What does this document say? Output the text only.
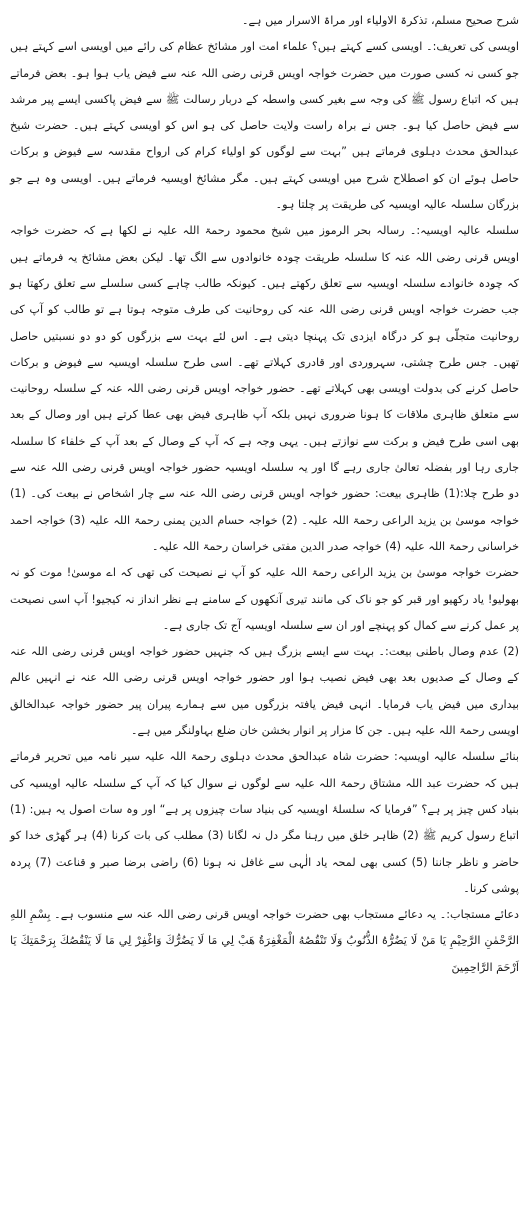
شرح صحیح مسلم، تذکرۃ الاولیاء اور مراۃ الاسرار میں ہے۔

اویسی کی تعریف:۔ اویسی کسے کہتے ہیں؟ علماء امت اور مشائخ عظام کی رائے میں اویسی اسے کہتے ہیں جو کسی نہ کسی صورت میں حضرت خواجہ اویس قرنی رضی اللہ عنہ سے فیض یاب ہوا ہو۔ بعض فرماتے ہیں کہ اتباع رسول ﷺ کی وجہ سے بغیر کسی واسطہ کے دربار رسالت ﷺ سے فیض پاکسی ایسے پیر مرشد سے فیض حاصل کیا ہو۔ جس نے براہ راست ولایت حاصل کی ہو اس کو اویسی کہتے ہیں۔ حضرت شیخ عبدالحق محدث دہلوی فرماتے ہیں ”بہت سے لوگوں کو اولیاء کرام کی ارواح مقدسہ سے فیوض و برکات حاصل ہوئے ان کو اصطلاح شرح میں اویسی کہتے ہیں۔ مگر مشائخ اویسیہ فرماتے ہیں۔ اویسی وہ ہے جو بزرگان سلسلہ عالیہ اویسیہ کی طریقت پر چلتا ہو۔

سلسلہ عالیہ اویسیہ:۔ رسالہ بحر الرموز میں شیخ محمود رحمۃ اللہ علیہ نے لکھا ہے کہ حضرت خواجہ اویس قرنی رضی اللہ عنہ کا سلسلہ طریقت چودہ خانوادوں سے الگ تھا۔ لیکن بعض مشائخ یہ فرماتے ہیں کہ چودہ خانوادے سلسلہ اویسیہ سے تعلق رکھتے ہیں۔ کیونکہ طالب چاہے کسی سلسلے سے تعلق رکھتا ہو جب حضرت خواجہ اویس قرنی رضی اللہ عنہ کی روحانیت کی طرف متوجہ ہوتا ہے تو طالب کو آپ کی روحانیت متجلّی ہو کر درگاہ ایزدی تک پہنچا دیتی ہے۔ اس لئے بہت سے بزرگوں کو دو دو نسبتیں حاصل تھیں۔ جس طرح چشتی، سہروردی اور قادری کہلاتے تھے۔ اسی طرح سلسلہ اویسیہ سے فیوض و برکات حاصل کرنے کی بدولت اویسی بھی کہلاتے تھے۔ حضور خواجہ اویس قرنی رضی اللہ عنہ کے سلسلہ روحانیت سے متعلق ظاہری ملاقات کا ہونا ضروری نہیں بلکہ آپ ظاہری فیض بھی عطا کرتے ہیں اور وصال کے بعد بھی اسی طرح فیض و برکت سے نوازتے ہیں۔ یہی وجہ ہے کہ آپ کے وصال کے بعد آپ کے خلفاء کا سلسلہ جاری رہا اور بفضلہ تعالیٰ جاری رہے گا اور یہ سلسلہ اویسیہ حضور خواجہ اویس قرنی رضی اللہ عنہ سے دو طرح چلا:(1) ظاہری بیعت: حضور خواجہ اویس قرنی رضی اللہ عنہ سے چار اشخاص نے بیعت کی۔ (1) خواجہ موسیٰ بن یزید الراعی رحمۃ اللہ علیہ۔ (2) خواجہ حسام الدین یمنی رحمۃ اللہ علیہ (3) خواجہ احمد خراسانی رحمۃ اللہ علیہ (4) خواجہ صدر الدین مفتی خراسان رحمۃ اللہ علیہ۔

حضرت خواجہ موسیٰ بن یزید الراعی رحمۃ اللہ علیہ کو آپ نے نصیحت کی تھی کہ اے موسیٰ! موت کو نہ بھولیو! یاد رکھیو اور قبر کو جو ناک کی مانند تیری آنکھوں کے سامنے ہے نظر انداز نہ کیجیو! آپ اسی نصیحت پر عمل کرنے سے کمال کو پہنچے اور ان سے سلسلہ اویسیہ آج تک جاری ہے۔

(2) عدم وصال باطنی بیعت:۔ بہت سے ایسے بزرگ ہیں کہ جنہیں حضور خواجہ اویس قرنی رضی اللہ عنہ کے وصال کے صدیوں بعد بھی فیض نصیب ہوا اور حضور خواجہ اویس قرنی رضی اللہ عنہ نے انہیں عالم بیداری میں فیض یاب فرمایا۔ انہی فیض یافتہ بزرگوں میں سے ہمارے پیران پیر حضور خواجہ عبدالخالق اویسی رحمۃ اللہ علیہ ہیں۔ جن کا مزار پر انوار بخشن خان ضلع بہاولنگر میں ہے۔

بنائے سلسلہ عالیہ اویسیہ: حضرت شاہ عبدالحق محدث دہلوی رحمۃ اللہ علیہ سیر نامہ میں تحریر فرماتے ہیں کہ حضرت عبد اللہ مشتاق رحمۃ اللہ علیہ سے لوگوں نے سوال کیا کہ آپ کے سلسلہ عالیہ اویسیہ کی بنیاد کس چیز پر ہے؟ ”فرمایا کہ سلسلۂ اویسیہ کی بنیاد سات چیزوں پر ہے“ اور وہ سات اصول یہ ہیں: (1) اتباع رسول کریم ﷺ (2) ظاہر خلق میں رہنا مگر دل نہ لگانا (3) مطلب کی بات کرنا (4) ہر گھڑی خدا کو حاضر و ناظر جاننا (5) کسی بھی لمحہ یاد الٰہی سے غافل نہ ہونا (6) راضی برضا صبر و قناعت (7) پردہ پوشی کرنا۔

دعائے مستجاب:۔ یہ دعائے مستجاب بھی حضرت خواجہ اویس قرنی رضی اللہ عنہ سے منسوب ہے۔ بِسْمِ اللهِ الرَّحْمٰنِ الرَّحِيْمِ يَا مَنْ لَا يَضُرُّهُ الذُّنُوبُ وَلَا تَنْقُصُهُ الْمَغْفِرَةُ هَبْ لِي مَا لَا يَضُرُّكَ وَاغْفِرْ لِي مَا لَا يَنْقُصُكَ بِرَحْمَتِكَ يَا اَرْحَمَ الرَّاحِمِينَ
